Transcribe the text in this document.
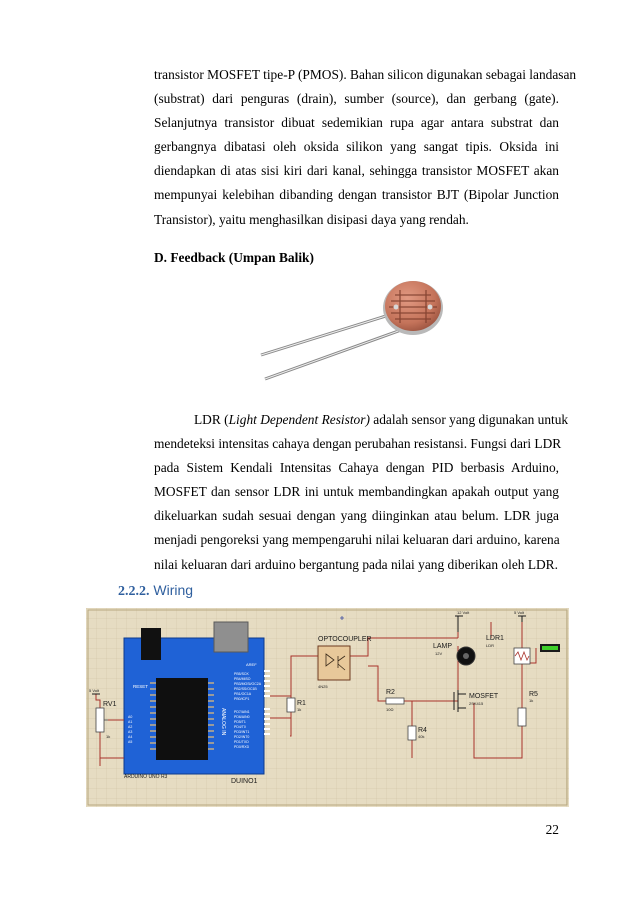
transistor MOSFET tipe-P (PMOS). Bahan silicon digunakan sebagai landasan
(substrat) dari penguras (drain), sumber (source), dan gerbang (gate).
Selanjutnya transistor dibuat sedemikian rupa agar antara substrat dan
gerbangnya dibatasi oleh oksida silikon yang sangat tipis. Oksida ini
diendapkan di atas sisi kiri dari kanal, sehingga transistor MOSFET akan
mempunyai kelebihan dibanding dengan transistor BJT (Bipolar Junction
Transistor), yaitu menghasilkan disipasi daya yang rendah.
D. Feedback (Umpan Balik)
LDR (Light Dependent Resistor) adalah sensor yang digunakan untuk
mendeteksi intensitas cahaya dengan perubahan resistansi. Fungsi dari LDR
pada Sistem Kendali Intensitas Cahaya dengan PID berbasis Arduino,
MOSFET dan sensor LDR ini untuk membandingkan apakah output yang
dikeluarkan sudah sesuai dengan yang diinginkan atau belum. LDR juga
menjadi pengoreksi yang mempengaruhi nilai keluaran dari arduino, karena
nilai keluaran dari arduino bergantung pada nilai yang diberikan oleh LDR.
2.2.2. Wiring
ANALOG IN
RESET
AREF
PB5/SCK
PB4/MISO
PB3/MOSI/OC2A
PB2/SS/OC1B
PB1/OC1A
PB0/ICP1
PD7/AIN1
PD6/AIN0
PD5/T1
PD4/T0
PD3/INT1
PD2/INT0
PD1/TXD
PD0/RXD
A0
A1
A2
A3
A4
A5
ARDUINO UNO R3
DUINO1
OPTOCOUPLER
4N25
LAMP
12V
LDR1
LDR
MOSFET
2SK415
R1
1k
R2
10Ω
R4
40k
R5
1k
RV1
1k
5 Volt
12 Volt	5 Volt
22
